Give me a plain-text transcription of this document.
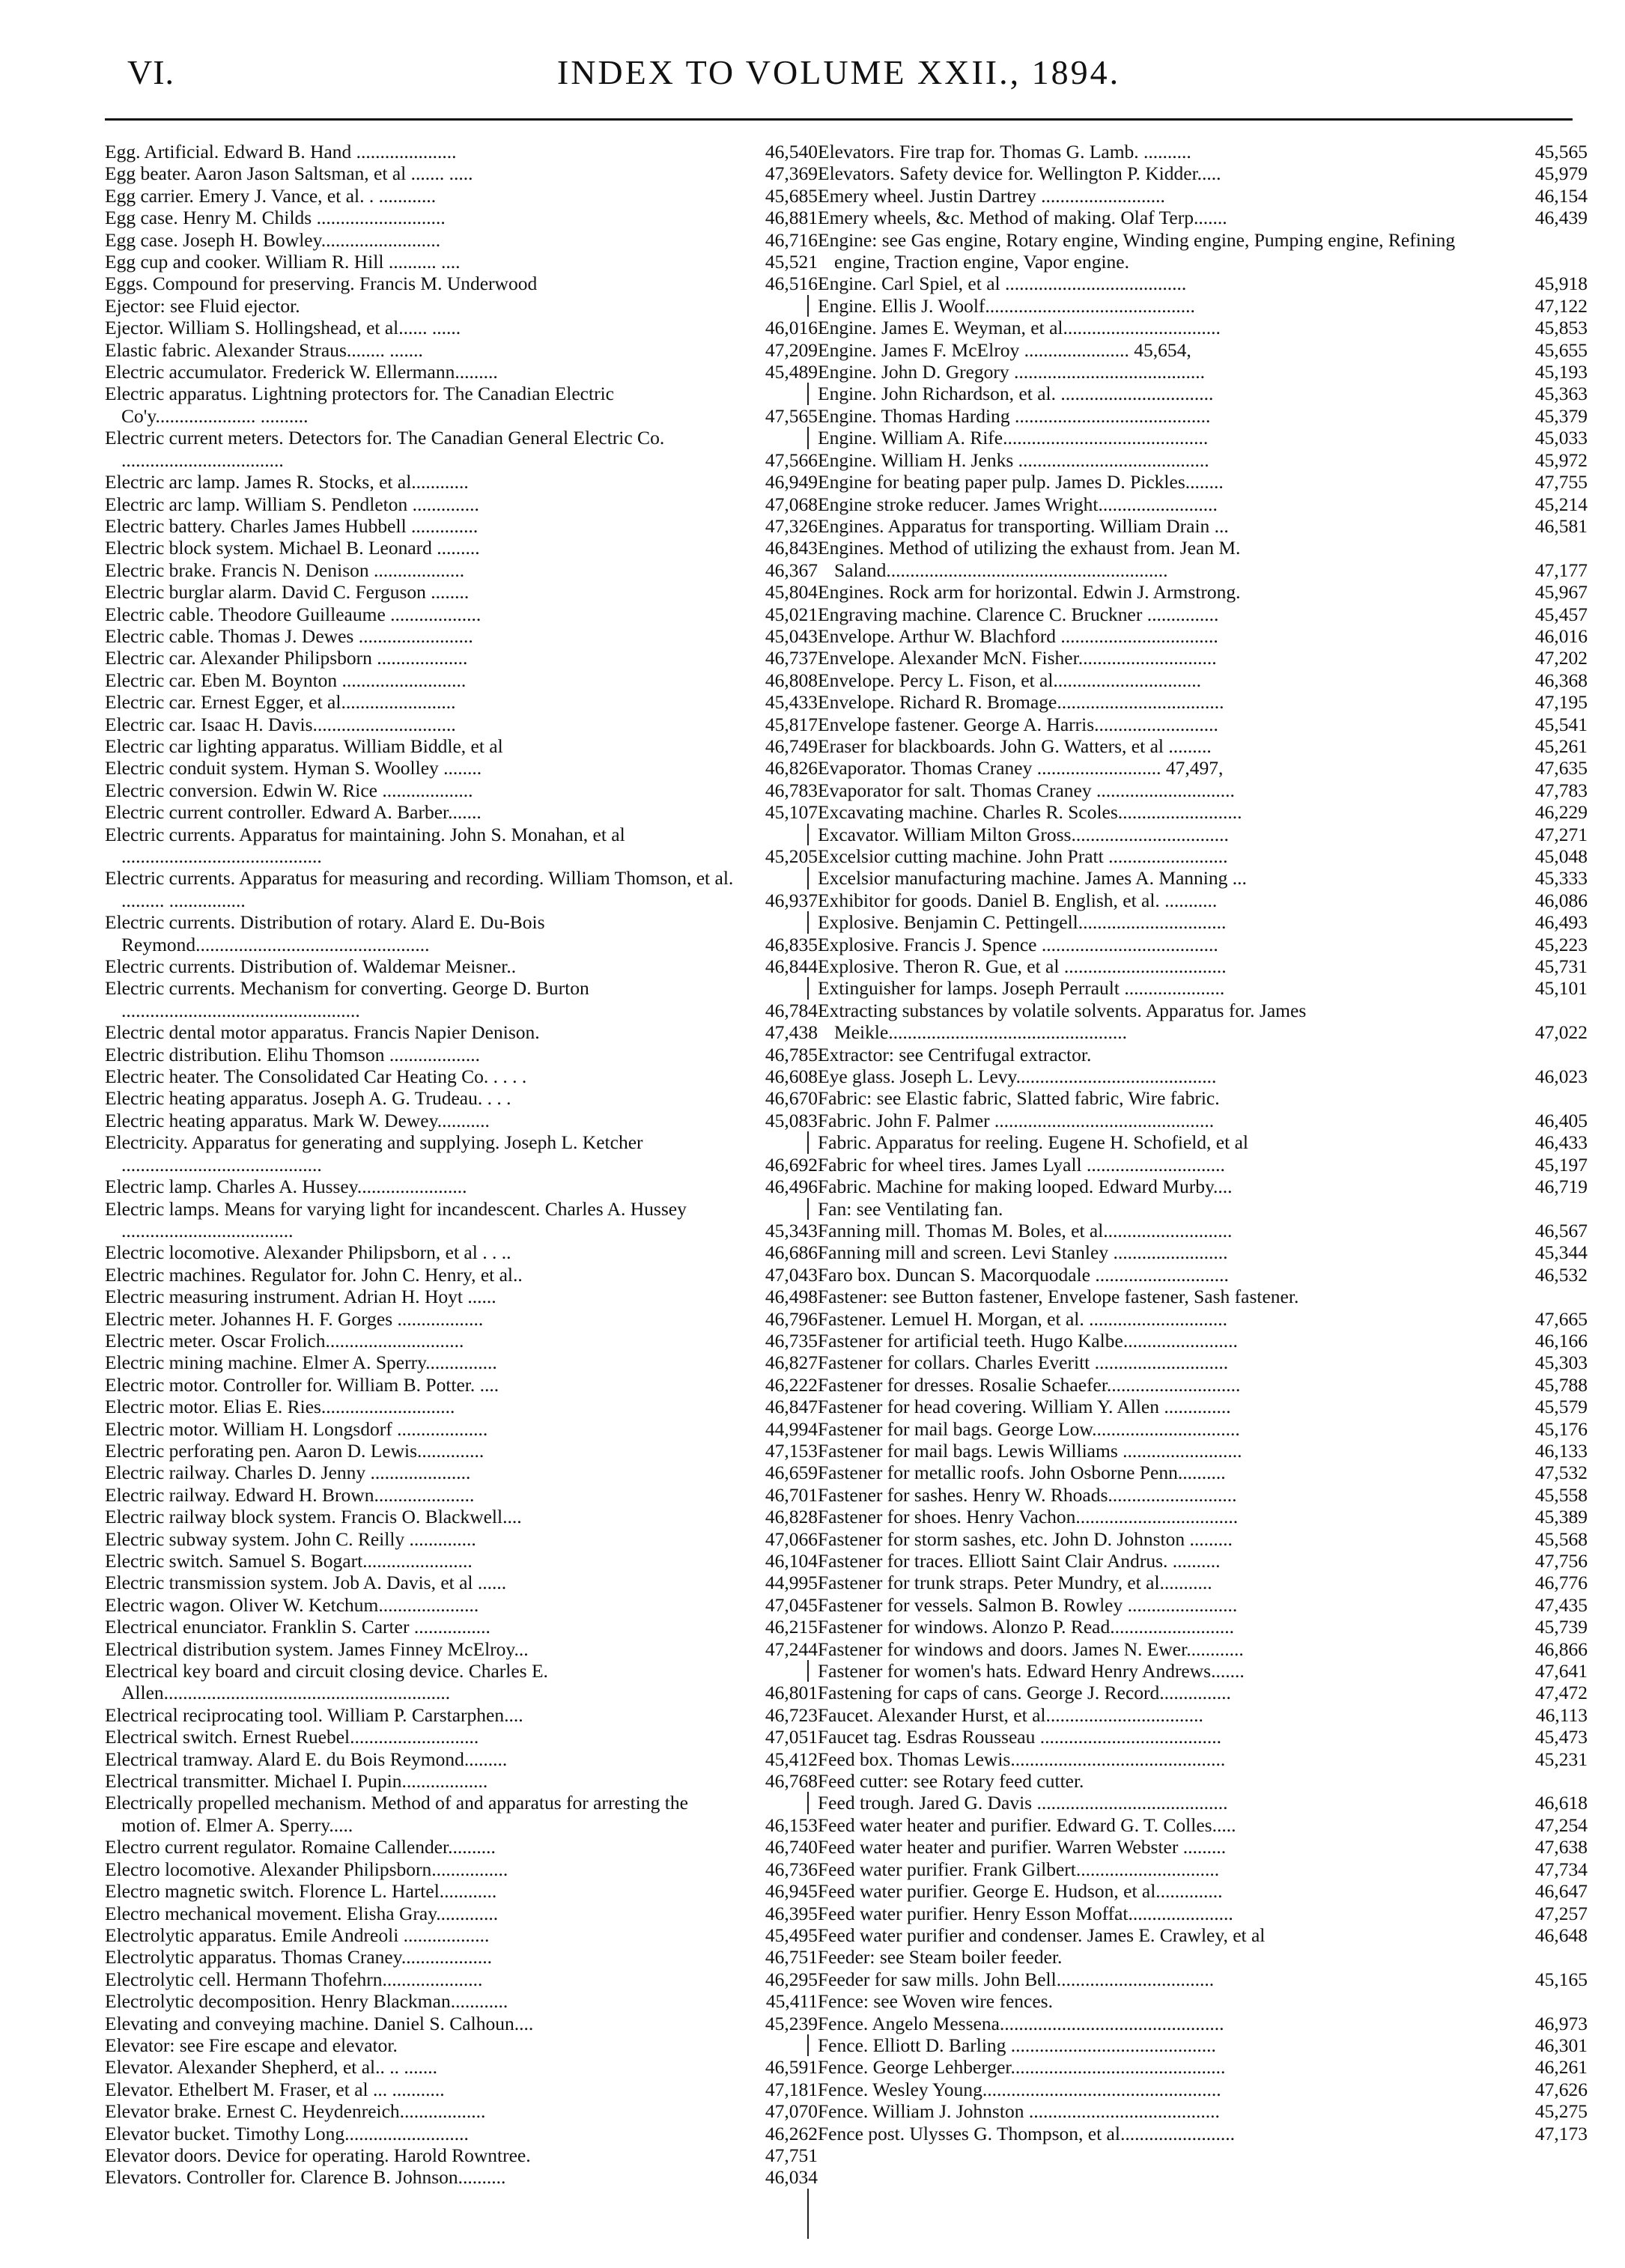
VI.	INDEX TO VOLUME XXII., 1894.
Egg. Artificial. Edward B. Hand .....................	46,540
Egg beater. Aaron Jason Saltsman, et al ....... .....	47,369
Egg carrier. Emery J. Vance, et al. . ............	45,685
Egg case. Henry M. Childs ...........................	46,881
Egg case. Joseph H. Bowley.........................	46,716
Egg cup and cooker. William R. Hill .......... ....	45,521
Eggs. Compound for preserving. Francis M. Underwood	46,516
Ejector: see Fluid ejector.
Ejector. William S. Hollingshead, et al...... ......	46,016
Elastic fabric. Alexander Straus........ .......	47,209
Electric accumulator. Frederick W. Ellermann.........	45,489
Electric apparatus. Lightning protectors for. The Canadian Electric Co'y..................... ..........	47,565
Electric current meters. Detectors for. The Canadian General Electric Co. ..................................	47,566
Electric arc lamp. James R. Stocks, et al............	46,949
Electric arc lamp. William S. Pendleton ..............	47,068
Electric battery. Charles James Hubbell ..............	47,326
Electric block system. Michael B. Leonard .........	46,843
Electric brake. Francis N. Denison ...................	46,367
Electric burglar alarm. David C. Ferguson ........	45,804
Electric cable. Theodore Guilleaume ...................	45,021
Electric cable. Thomas J. Dewes ........................	45,043
Electric car. Alexander Philipsborn ...................	46,737
Electric car. Eben M. Boynton ..........................	46,808
Electric car. Ernest Egger, et al........................	45,433
Electric car. Isaac H. Davis..............................	45,817
Electric car lighting apparatus. William Biddle, et al	46,749
Electric conduit system. Hyman S. Woolley ........	46,826
Electric conversion. Edwin W. Rice ...................	46,783
Electric current controller. Edward A. Barber.......	45,107
Electric currents. Apparatus for maintaining. John S. Monahan, et al ..........................................	45,205
Electric currents. Apparatus for measuring and recording. William Thomson, et al. ......... ................	46,937
Electric currents. Distribution of rotary. Alard E. Du-Bois Reymond.................................................	46,835
Electric currents. Distribution of. Waldemar Meisner..	46,844
Electric currents. Mechanism for converting. George D. Burton ..................................................	46,784
Electric dental motor apparatus. Francis Napier Denison.	47,438
Electric distribution. Elihu Thomson ...................	46,785
Electric heater. The Consolidated Car Heating Co. . . . .	46,608
Electric heating apparatus. Joseph A. G. Trudeau. . . .	46,670
Electric heating apparatus. Mark W. Dewey...........	45,083
Electricity. Apparatus for generating and supplying. Joseph L. Ketcher ..........................................	46,692
Electric lamp. Charles A. Hussey.......................	46,496
Electric lamps. Means for varying light for incandescent. Charles A. Hussey ....................................	45,343
Electric locomotive. Alexander Philipsborn, et al . . ..	46,686
Electric machines. Regulator for. John C. Henry, et al..	47,043
Electric measuring instrument. Adrian H. Hoyt ......	46,498
Electric meter. Johannes H. F. Gorges ..................	46,796
Electric meter. Oscar Frolich.............................	46,735
Electric mining machine. Elmer A. Sperry...............	46,827
Electric motor. Controller for. William B. Potter. ....	46,222
Electric motor. Elias E. Ries............................	46,847
Electric motor. William H. Longsdorf ...................	44,994
Electric perforating pen. Aaron D. Lewis..............	47,153
Electric railway. Charles D. Jenny .....................	46,659
Electric railway. Edward H. Brown.....................	46,701
Electric railway block system. Francis O. Blackwell....	46,828
Electric subway system. John C. Reilly ..............	47,066
Electric switch. Samuel S. Bogart.......................	46,104
Electric transmission system. Job A. Davis, et al ......	44,995
Electric wagon. Oliver W. Ketchum.....................	47,045
Electrical enunciator. Franklin S. Carter ................	46,215
Electrical distribution system. James Finney McElroy...	47,244
Electrical key board and circuit closing device. Charles E. Allen............................................................	46,801
Electrical reciprocating tool. William P. Carstarphen....	46,723
Electrical switch. Ernest Ruebel...........................	47,051
Electrical tramway. Alard E. du Bois Reymond.........	45,412
Electrical transmitter. Michael I. Pupin..................	46,768
Electrically propelled mechanism. Method of and apparatus for arresting the motion of. Elmer A. Sperry.....	46,153
Electro current regulator. Romaine Callender..........	46,740
Electro locomotive. Alexander Philipsborn................	46,736
Electro magnetic switch. Florence L. Hartel............	46,945
Electro mechanical movement. Elisha Gray.............	46,395
Electrolytic apparatus. Emile Andreoli ..................	45,495
Electrolytic apparatus. Thomas Craney...................	46,751
Electrolytic cell. Hermann Thofehrn.....................	46,295
Electrolytic decomposition. Henry Blackman............	45,411
Elevating and conveying machine. Daniel S. Calhoun....	45,239
Elevator: see Fire escape and elevator.
Elevator. Alexander Shepherd, et al.. .. .......	46,591
Elevator. Ethelbert M. Fraser, et al ... ...........	47,181
Elevator brake. Ernest C. Heydenreich..................	47,070
Elevator bucket. Timothy Long..........................	46,262
Elevator doors. Device for operating. Harold Rowntree.	47,751
Elevators. Controller for. Clarence B. Johnson..........	46,034
Elevators. Fire trap for. Thomas G. Lamb. ..........	45,565
Elevators. Safety device for. Wellington P. Kidder.....	45,979
Emery wheel. Justin Dartrey ..........................	46,154
Emery wheels, &c. Method of making. Olaf Terp.......	46,439
Engine: see Gas engine, Rotary engine, Winding engine, Pumping engine, Refining engine, Traction engine, Vapor engine.
Engine. Carl Spiel, et al ......................................	45,918
Engine. Ellis J. Woolf............................................	47,122
Engine. James E. Weyman, et al.................................	45,853
Engine. James F. McElroy ...................... 45,654,	45,655
Engine. John D. Gregory ........................................	45,193
Engine. John Richardson, et al. ................................	45,363
Engine. Thomas Harding .........................................	45,379
Engine. William A. Rife...........................................	45,033
Engine. William H. Jenks ........................................	45,972
Engine for beating paper pulp. James D. Pickles........	47,755
Engine stroke reducer. James Wright.........................	45,214
Engines. Apparatus for transporting. William Drain ...	46,581
Engines. Method of utilizing the exhaust from. Jean M. Saland...........................................................	47,177
Engines. Rock arm for horizontal. Edwin J. Armstrong.	45,967
Engraving machine. Clarence C. Bruckner ...............	45,457
Envelope. Arthur W. Blachford .................................	46,016
Envelope. Alexander McN. Fisher.............................	47,202
Envelope. Percy L. Fison, et al...............................	46,368
Envelope. Richard R. Bromage...................................	47,195
Envelope fastener. George A. Harris..........................	45,541
Eraser for blackboards. John G. Watters, et al .........	45,261
Evaporator. Thomas Craney .......................... 47,497,	47,635
Evaporator for salt. Thomas Craney .............................	47,783
Excavating machine. Charles R. Scoles..........................	46,229
Excavator. William Milton Gross.................................	47,271
Excelsior cutting machine. John Pratt .........................	45,048
Excelsior manufacturing machine. James A. Manning ...	45,333
Exhibitor for goods. Daniel B. English, et al. ...........	46,086
Explosive. Benjamin C. Pettingell...............................	46,493
Explosive. Francis J. Spence .....................................	45,223
Explosive. Theron R. Gue, et al ..................................	45,731
Extinguisher for lamps. Joseph Perrault .....................	45,101
Extracting substances by volatile solvents. Apparatus for. James Meikle..................................................	47,022
Extractor: see Centrifugal extractor.
Eye glass. Joseph L. Levy..........................................	46,023
Fabric: see Elastic fabric, Slatted fabric, Wire fabric.
Fabric. John F. Palmer ..............................................	46,405
Fabric. Apparatus for reeling. Eugene H. Schofield, et al	46,433
Fabric for wheel tires. James Lyall .............................	45,197
Fabric. Machine for making looped. Edward Murby....	46,719
Fan: see Ventilating fan.
Fanning mill. Thomas M. Boles, et al...........................	46,567
Fanning mill and screen. Levi Stanley ........................	45,344
Faro box. Duncan S. Macorquodale ............................	46,532
Fastener: see Button fastener, Envelope fastener, Sash fastener.
Fastener. Lemuel H. Morgan, et al. .............................	47,665
Fastener for artificial teeth. Hugo Kalbe........................	46,166
Fastener for collars. Charles Everitt ............................	45,303
Fastener for dresses. Rosalie Schaefer............................	45,788
Fastener for head covering. William Y. Allen ..............	45,579
Fastener for mail bags. George Low...............................	45,176
Fastener for mail bags. Lewis Williams .........................	46,133
Fastener for metallic roofs. John Osborne Penn..........	47,532
Fastener for sashes. Henry W. Rhoads...........................	45,558
Fastener for shoes. Henry Vachon..................................	45,389
Fastener for storm sashes, etc. John D. Johnston .........	45,568
Fastener for traces. Elliott Saint Clair Andrus. ..........	47,756
Fastener for trunk straps. Peter Mundry, et al...........	46,776
Fastener for vessels. Salmon B. Rowley .......................	47,435
Fastener for windows. Alonzo P. Read..........................	45,739
Fastener for windows and doors. James N. Ewer............	46,866
Fastener for women's hats. Edward Henry Andrews.......	47,641
Fastening for caps of cans. George J. Record...............	47,472
Faucet. Alexander Hurst, et al.................................	46,113
Faucet tag. Esdras Rousseau ......................................	45,473
Feed box. Thomas Lewis.............................................	45,231
Feed cutter: see Rotary feed cutter.
Feed trough. Jared G. Davis ........................................	46,618
Feed water heater and purifier. Edward G. T. Colles.....	47,254
Feed water heater and purifier. Warren Webster .........	47,638
Feed water purifier. Frank Gilbert..............................	47,734
Feed water purifier. George E. Hudson, et al..............	46,647
Feed water purifier. Henry Esson Moffat......................	47,257
Feed water purifier and condenser. James E. Crawley, et al	46,648
Feeder: see Steam boiler feeder.
Feeder for saw mills. John Bell.................................	45,165
Fence: see Woven wire fences.
Fence. Angelo Messena...............................................	46,973
Fence. Elliott D. Barling ...........................................	46,301
Fence. George Lehberger.............................................	46,261
Fence. Wesley Young..................................................	47,626
Fence. William J. Johnston ........................................	45,275
Fence post. Ulysses G. Thompson, et al........................	47,173
